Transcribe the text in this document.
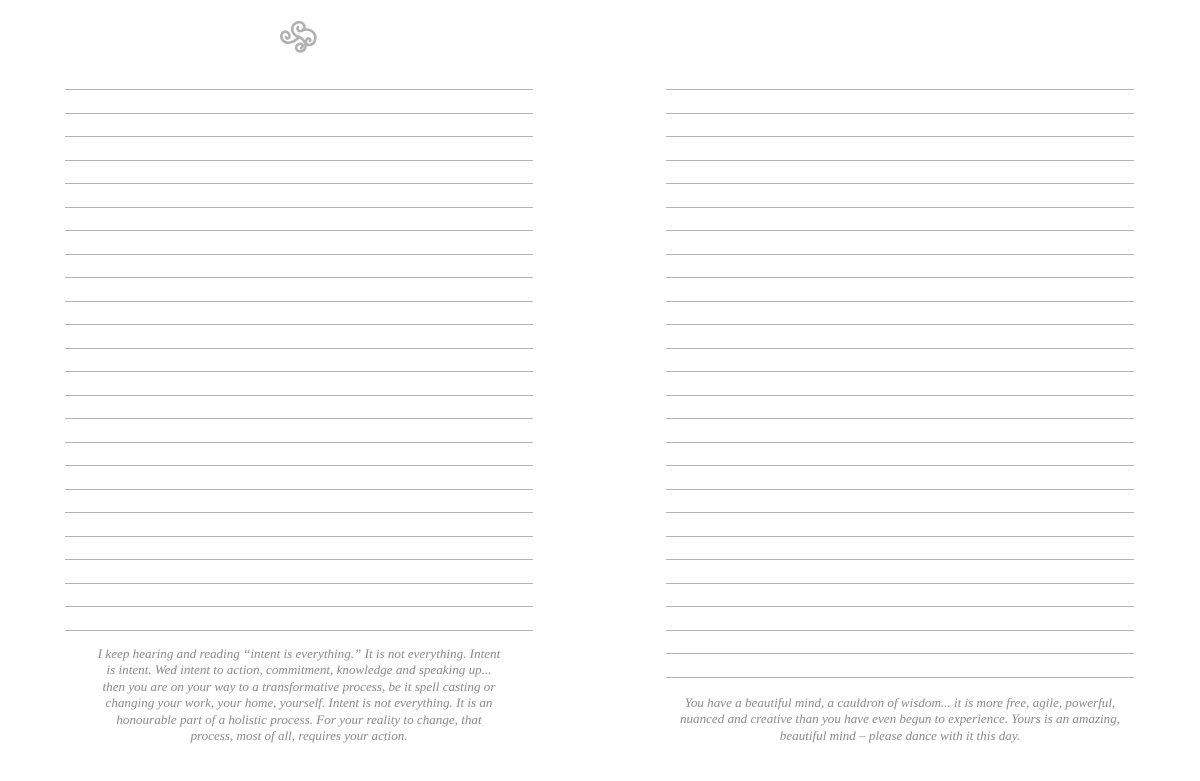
I keep hearing and reading “intent is everything.” It is not everything. Intent is intent. Wed intent to action, commitment, knowledge and speaking up... then you are on your way to a transformative process, be it spell casting or changing your work, your home, yourself. Intent is not everything. It is an honourable part of a holistic process. For your reality to change, that process, most of all, requires your action.

You have a beautiful mind, a cauldron of wisdom... it is more free, agile, powerful, nuanced and creative than you have even begun to experience. Yours is an amazing, beautiful mind – please dance with it this day.
